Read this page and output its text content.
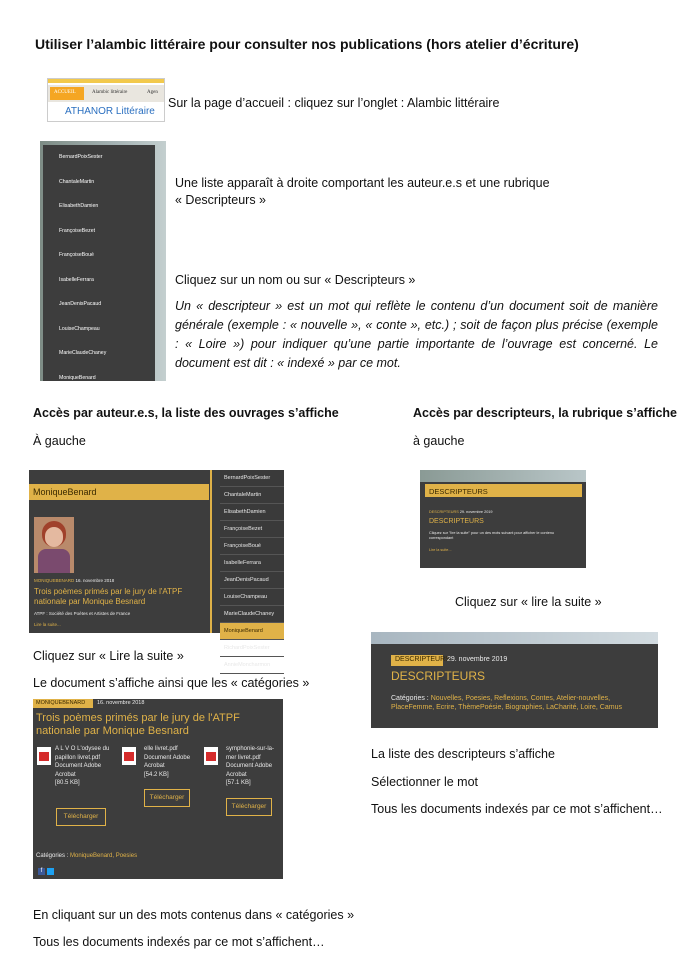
Utiliser l’alambic littéraire pour consulter nos publications (hors atelier d’écriture)
ACCUEIL	Alambic littéraire	Agen
ATHANOR Littéraire
Sur la page d’accueil : cliquez sur l’onglet : Alambic littéraire
BernardPoixSester
ChantaleMartin
ElisabethDamien
FrançoiseBezet
FrançoiseBoué
IsabelleFerrara
JeanDenisPacaud
LouiseChampeau
MarieClaudeChaney
MoniqueBenard
RichardPoixSester
AnnieMoncharmon
DESCRIPTEURS
Une liste apparaît à droite comportant les auteur.e.s et une rubrique
« Descripteurs »
Cliquez sur un nom ou sur « Descripteurs »
Un « descripteur » est un mot qui reflète le contenu d’un document soit de manière générale (exemple : « nouvelle », « conte », etc.) ; soit de façon plus précise (exemple : « Loire ») pour indiquer qu’une partie importante de l’ouvrage est concerné. Le document est dit : « indexé » par ce mot.
Accès par auteur.e.s, la liste des ouvrages s’affiche
À gauche
MoniqueBenard
MONIQUEBENARD 16. novembre 2018
Trois poèmes primés par le jury de l'ATPF nationale par Monique Besnard
ATPF : Société des Poètes et Artistes de France
Lire la suite...
BernardPoixSester
ChantaleMartin
ElisabethDamien
FrançoiseBezet
FrançoiseBoué
IsabelleFerrara
JeanDenisPacaud
LouiseChampeau
MarieClaudeChaney
MoniqueBenard
RichardPoixSester
AnnieMoncharmon
Cliquez sur « Lire la suite »
Le document s’affiche ainsi que les « catégories »
MONIQUEBENARD 16. novembre 2018
Trois poèmes primés par le jury de l'ATPF nationale par Monique Besnard
A L V O L'odysee du papillon livret.pdf
Document Adobe Acrobat
[80.5 KB]
Télécharger
elle livret.pdf
Document Adobe Acrobat
[54.2 KB]
Télécharger
symphonie-sur-la-mer livret.pdf
Document Adobe Acrobat
[57.1 KB]
Télécharger
Catégories : MoniqueBenard, Poesies
f
Accès par descripteurs, la rubrique s’affiche
à gauche
DESCRIPTEURS
DESCRIPTEURS 29. novembre 2019
DESCRIPTEURS
Cliquez sur "lire la suite" pour un des mots suivant pour afficher le contenu correspondant
Lire la suite...
Cliquez sur « lire la suite »
DESCRIPTEURS
29. novembre 2019
DESCRIPTEURS
Catégories : Nouvelles, Poesies, Reflexions, Contes, Atelier-nouvelles, PlaceFemme, Ecrire, ThèmePoésie, Biographies, LaCharité, Loire, Camus
La liste des descripteurs s’affiche
Sélectionner le mot
Tous les documents indexés par ce mot s’affichent…
En cliquant sur un des mots contenus dans « catégories »
Tous les documents indexés par ce mot s’affichent…
